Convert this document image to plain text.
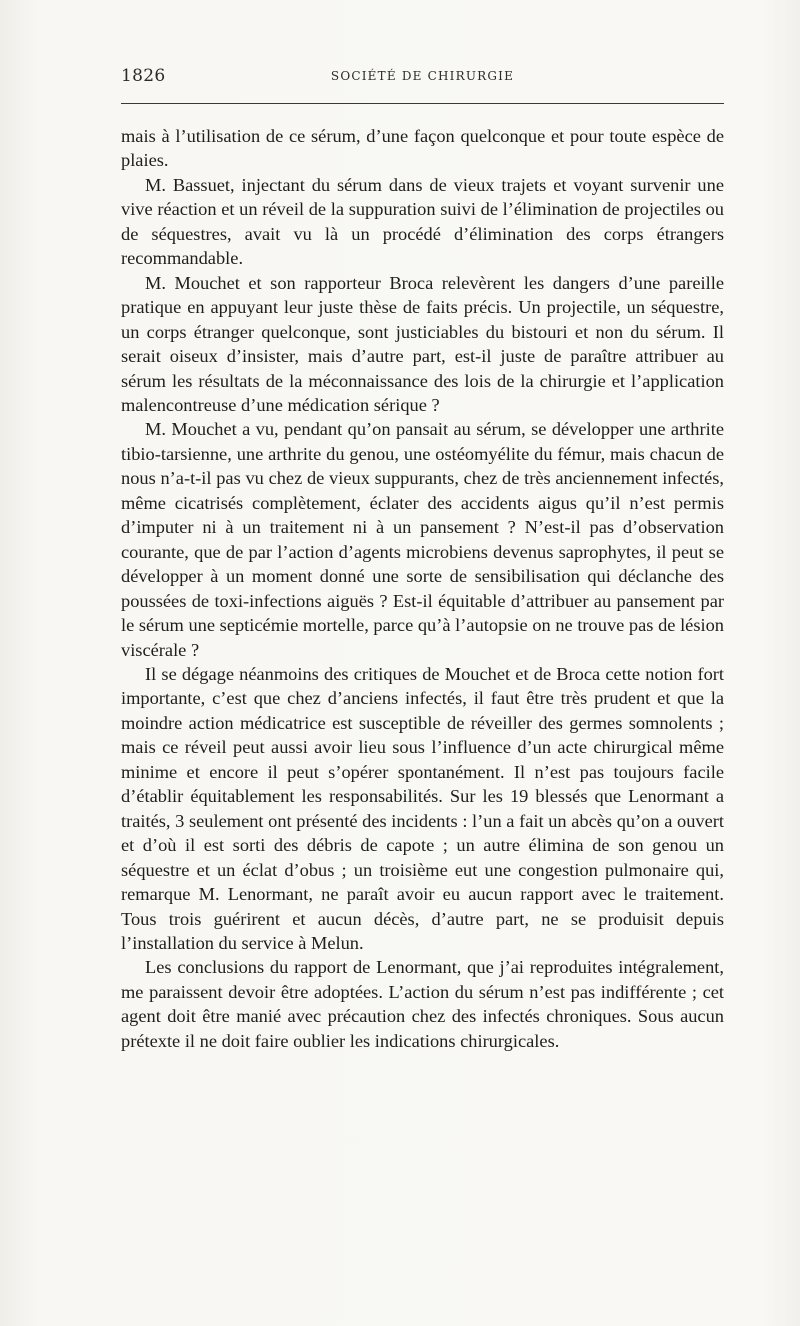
1826	SOCIÉTÉ DE CHIRURGIE

mais à l’utilisation de ce sérum, d’une façon quelconque et pour toute espèce de plaies.

M. Bassuet, injectant du sérum dans de vieux trajets et voyant survenir une vive réaction et un réveil de la suppuration suivi de l’élimination de projectiles ou de séquestres, avait vu là un procédé d’élimination des corps étrangers recommandable.

M. Mouchet et son rapporteur Broca relevèrent les dangers d’une pareille pratique en appuyant leur juste thèse de faits précis. Un projectile, un séquestre, un corps étranger quelconque, sont justiciables du bistouri et non du sérum. Il serait oiseux d’insister, mais d’autre part, est-il juste de paraître attribuer au sérum les résultats de la méconnaissance des lois de la chirurgie et l’application malencontreuse d’une médication sérique ?

M. Mouchet a vu, pendant qu’on pansait au sérum, se développer une arthrite tibio-tarsienne, une arthrite du genou, une ostéomyélite du fémur, mais chacun de nous n’a-t-il pas vu chez de vieux suppurants, chez de très anciennement infectés, même cicatrisés complètement, éclater des accidents aigus qu’il n’est permis d’imputer ni à un traitement ni à un pansement ? N’est-il pas d’observation courante, que de par l’action d’agents microbiens devenus saprophytes, il peut se développer à un moment donné une sorte de sensibilisation qui déclanche des poussées de toxi-infections aiguës ? Est-il équitable d’attribuer au pansement par le sérum une septicémie mortelle, parce qu’à l’autopsie on ne trouve pas de lésion viscérale ?

Il se dégage néanmoins des critiques de Mouchet et de Broca cette notion fort importante, c’est que chez d’anciens infectés, il faut être très prudent et que la moindre action médicatrice est susceptible de réveiller des germes somnolents ; mais ce réveil peut aussi avoir lieu sous l’influence d’un acte chirurgical même minime et encore il peut s’opérer spontanément. Il n’est pas toujours facile d’établir équitablement les responsabilités. Sur les 19 blessés que Lenormant a traités, 3 seulement ont présenté des incidents : l’un a fait un abcès qu’on a ouvert et d’où il est sorti des débris de capote ; un autre élimina de son genou un séquestre et un éclat d’obus ; un troisième eut une congestion pulmonaire qui, remarque M. Lenormant, ne paraît avoir eu aucun rapport avec le traitement. Tous trois guérirent et aucun décès, d’autre part, ne se produisit depuis l’installation du service à Melun.

Les conclusions du rapport de Lenormant, que j’ai reproduites intégralement, me paraissent devoir être adoptées. L’action du sérum n’est pas indifférente ; cet agent doit être manié avec précaution chez des infectés chroniques. Sous aucun prétexte il ne doit faire oublier les indications chirurgicales.
